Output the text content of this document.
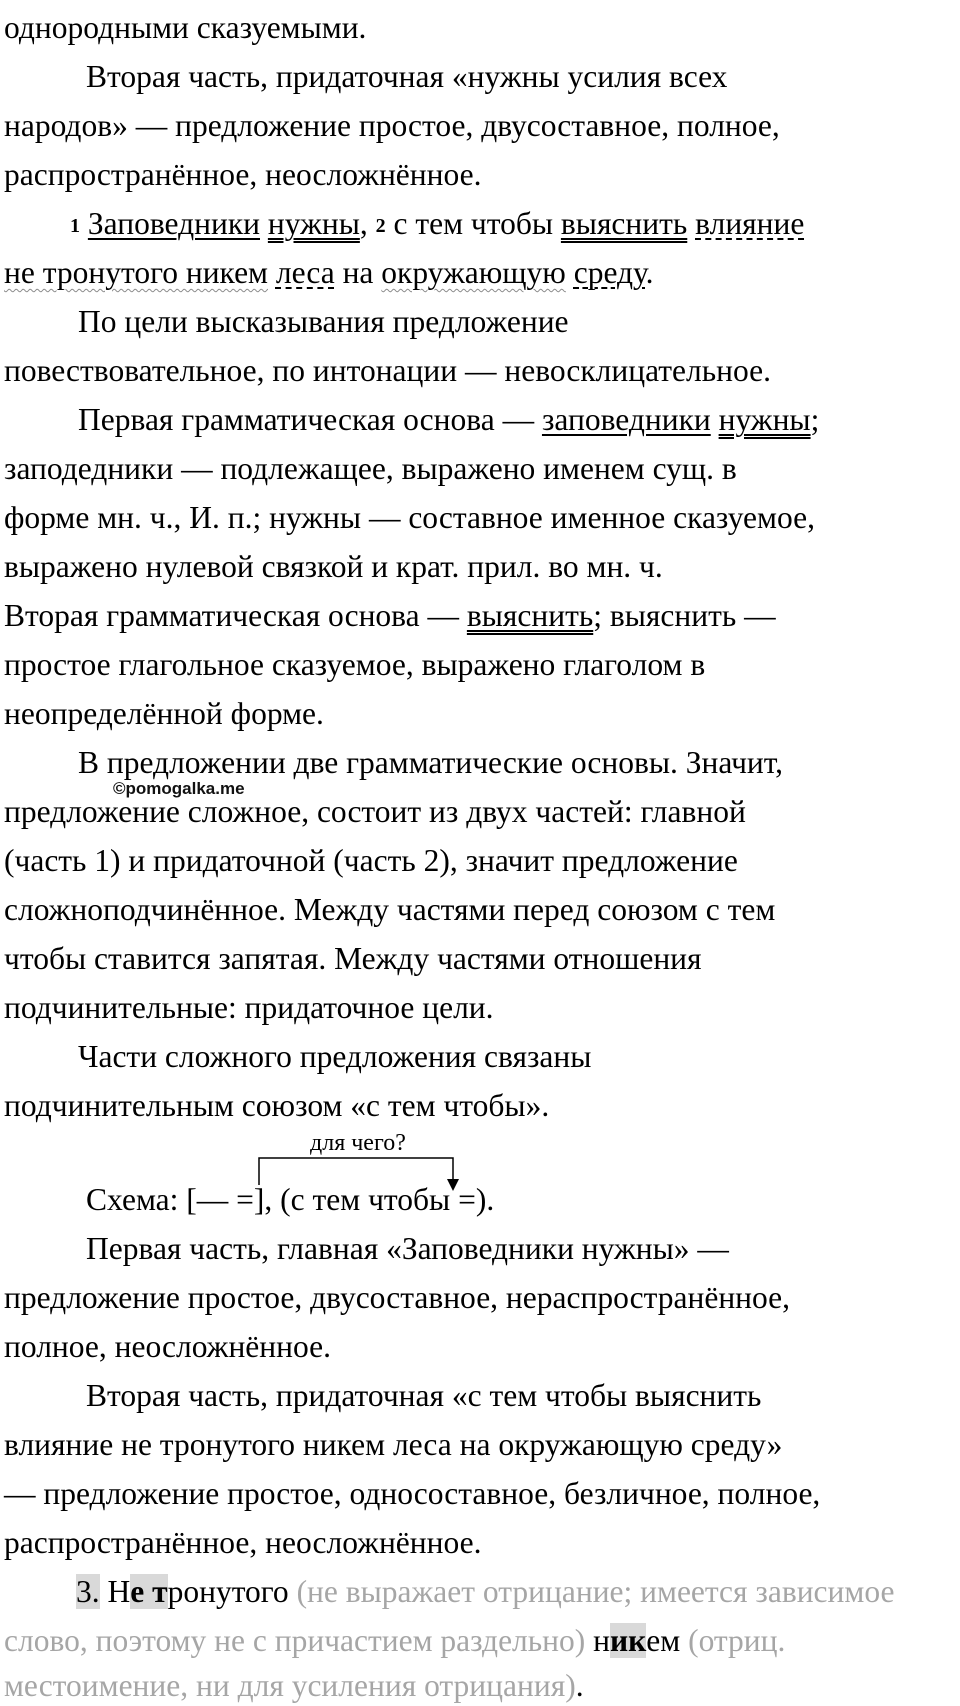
однородными сказуемыми.
Вторая часть, придаточная «нужны усилия всех
народов» — предложение простое, двусоставное, полное,
распространённое, неосложнённое.
1 Заповедники нужны, 2 с тем чтобы выяснить влияние
не тронутого никем леса на окружающую среду.
По цели высказывания предложение
повествовательное, по интонации — невосклицательное.
Первая грамматическая основа — заповедники нужны;
заподедники — подлежащее, выражено именем сущ. в
форме мн. ч., И. п.; нужны — составное именное сказуемое,
выражено нулевой связкой и крат. прил. во мн. ч.
Вторая грамматическая основа — выяснить; выяснить —
простое глагольное сказуемое, выражено глаголом в
неопределённой форме.
В предложении две грамматические основы. Значит,
предложение сложное, состоит из двух частей: главной
(часть 1) и придаточной (часть 2), значит предложение
сложноподчинённое. Между частями перед союзом с тем
чтобы ставится запятая. Между частями отношения
подчинительные: придаточное цели.
Части сложного предложения связаны
подчинительным союзом «с тем чтобы».
для чего?
Схема: [— =], (с тем чтобы =).
Первая часть, главная «Заповедники нужны» —
предложение простое, двусоставное, нераспространённое,
полное, неосложнённое.
Вторая часть, придаточная «с тем чтобы выяснить
влияние не тронутого никем леса на окружающую среду»
— предложение простое, односоставное, безличное, полное,
распространённое, неосложнённое.
3. Не тронутого (не выражает отрицание; имеется зависимое
слово, поэтому не с причастием раздельно) никем (отриц.
местоимение, ни для усиления отрицания).
©pomogalka.me
